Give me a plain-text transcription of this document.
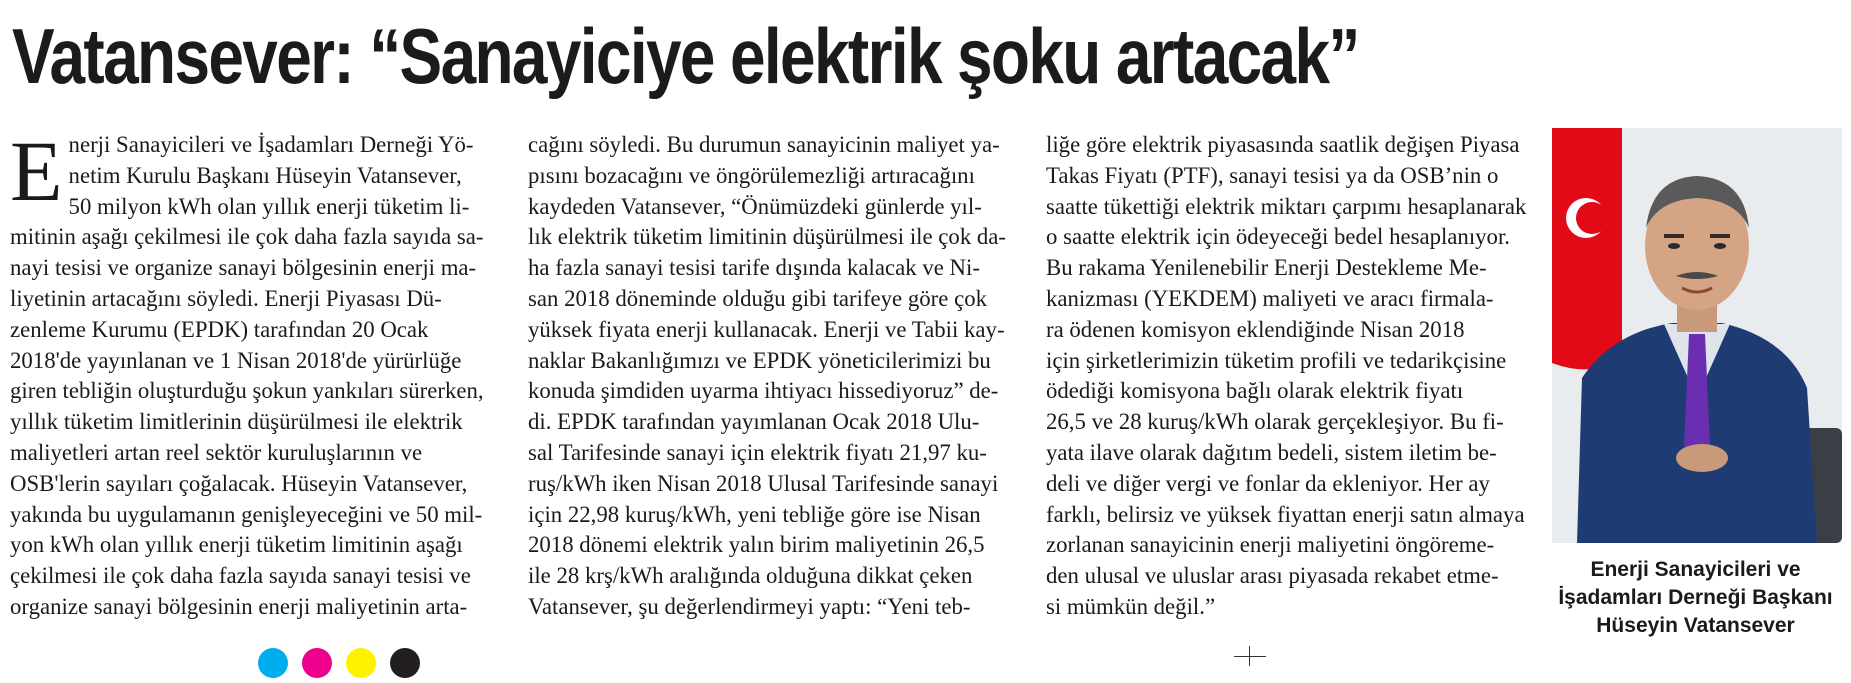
Vatansever: “Sanayiciye elektrik şoku artacak”
E nerji Sanayicileri ve İşadamları Derneği Yö-
netim Kurulu Başkanı Hüseyin Vatansever,
50 milyon kWh olan yıllık enerji tüketim li-
mitinin aşağı çekilmesi ile çok daha fazla sayıda sa-
nayi tesisi ve organize sanayi bölgesinin enerji ma-
liyetinin artacağını söyledi. Enerji Piyasası Dü-
zenleme Kurumu (EPDK) tarafından 20 Ocak
2018'de yayınlanan ve 1 Nisan 2018'de yürürlüğe
giren tebliğin oluşturduğu şokun yankıları sürerken,
yıllık tüketim limitlerinin düşürülmesi ile elektrik
maliyetleri artan reel sektör kuruluşlarının ve
OSB'lerin sayıları çoğalacak. Hüseyin Vatansever,
yakında bu uygulamanın genişleyeceğini ve 50 mil-
yon kWh olan yıllık enerji tüketim limitinin aşağı
çekilmesi ile çok daha fazla sayıda sanayi tesisi ve
organize sanayi bölgesinin enerji maliyetinin arta-

cağını söyledi. Bu durumun sanayicinin maliyet ya-
pısını bozacağını ve öngörülemezliği artıracağını
kaydeden Vatansever, “Önümüzdeki günlerde yıl-
lık elektrik tüketim limitinin düşürülmesi ile çok da-
ha fazla sanayi tesisi tarife dışında kalacak ve Ni-
san 2018 döneminde olduğu gibi tarifeye göre çok
yüksek fiyata enerji kullanacak. Enerji ve Tabii kay-
naklar Bakanlığımızı ve EPDK yöneticilerimizi bu
konuda şimdiden uyarma ihtiyacı hissediyoruz” de-
di. EPDK tarafından yayımlanan Ocak 2018 Ulu-
sal Tarifesinde sanayi için elektrik fiyatı 21,97 ku-
ruş/kWh iken Nisan 2018 Ulusal Tarifesinde sanayi
için 22,98 kuruş/kWh, yeni tebliğe göre ise Nisan
2018 dönemi elektrik yalın birim maliyetinin 26,5
ile 28 krş/kWh aralığında olduğuna dikkat çeken
Vatansever, şu değerlendirmeyi yaptı: “Yeni teb-

liğe göre elektrik piyasasında saatlik değişen Piyasa
Takas Fiyatı (PTF), sanayi tesisi ya da OSB’nin o
saatte tükettiği elektrik miktarı çarpımı hesaplanarak
o saatte elektrik için ödeyeceği bedel hesaplanıyor.
Bu rakama Yenilenebilir Enerji Destekleme Me-
kanizması (YEKDEM) maliyeti ve aracı firmala-
ra ödenen komisyon eklendiğinde Nisan 2018
için şirketlerimizin tüketim profili ve tedarikçisine
ödediği komisyona bağlı olarak elektrik fiyatı
26,5 ve 28 kuruş/kWh olarak gerçekleşiyor. Bu fi-
yata ilave olarak dağıtım bedeli, sistem iletim be-
deli ve diğer vergi ve fonlar da ekleniyor. Her ay
farklı, belirsiz ve yüksek fiyattan enerji satın almaya
zorlanan sanayicinin enerji maliyetini öngöreme-
den ulusal ve uluslar arası piyasada rekabet etme-
si mümkün değil.”

Enerji Sanayicileri ve
İşadamları Derneği Başkanı
Hüseyin Vatansever
